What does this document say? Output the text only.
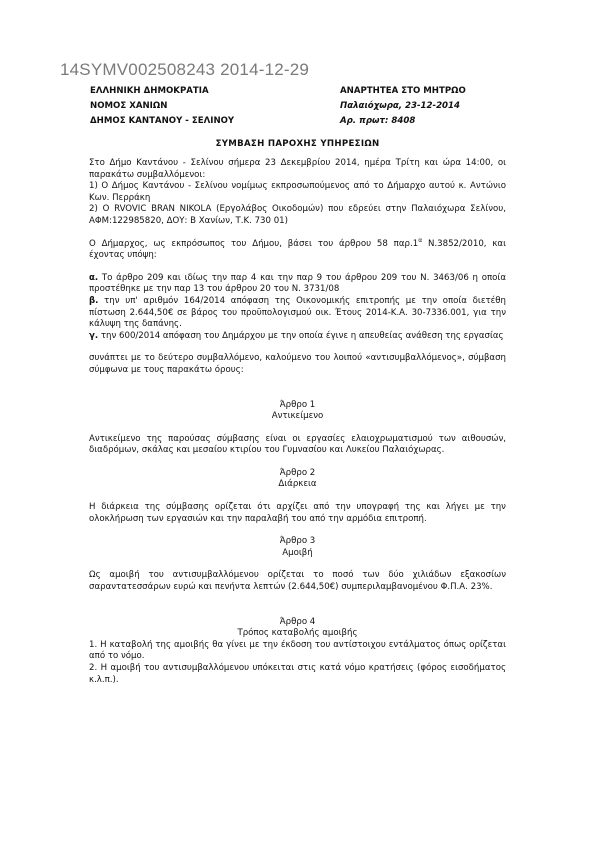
14SYMV002508243 2014-12-29
ΕΛΛΗΝΙΚΗ ΔΗΜΟΚΡΑΤΙΑ
ΝΟΜΟΣ ΧΑΝΙΩΝ
ΔΗΜΟΣ ΚΑΝΤΑΝΟΥ - ΣΕΛΙΝΟΥ
ΑΝΑΡΤΗΤΕΑ ΣΤΟ ΜΗΤΡΩΟ
Παλαιόχωρα, 23-12-2014
Αρ. πρωτ: 8408
ΣΥΜΒΑΣΗ ΠΑΡΟΧΗΣ ΥΠΗΡΕΣΙΩΝ

Στο Δήμο Καντάνου - Σελίνου σήμερα 23 Δεκεμβρίου 2014, ημέρα Τρίτη και ώρα 14:00, οι παρακάτω συμβαλλόμενοι:

1) Ο Δήμος Καντάνου - Σελίνου νομίμως εκπροσωπούμενος από το Δήμαρχο αυτού κ. Αντώνιο Κων. Περράκη

2) Ο RVOVIC BRAN NIKOLA (Εργολάβος Οικοδομών) που εδρεύει στην Παλαιόχωρα Σελίνου, ΑΦΜ:122985820, ΔΟΥ: Β Χανίων, Τ.Κ. 730 01)

Ο Δήμαρχος, ως εκπρόσωπος του Δήμου, βάσει του άρθρου 58 $\pi\alpha\rho.1^\alpha$ Ν.3852/2010, και έχοντας υπόψη:

α. Το άρθρο 209 και ιδίως την παρ 4 και την παρ 9 του άρθρου 209 του Ν. 3463/06 η οποία προστέθηκε με την παρ 13 του άρθρου 20 του Ν. 3731/08

β. την υπ' αριθμόν 164/2014 απόφαση της Οικονομικής επιτροπής με την οποία διετέθη πίστωση 2.644,50€ σε βάρος του προϋπολογισμού οικ. Έτους 2014-Κ.Α. 30-7336.001, για την κάλυψη της δαπάνης.

γ. την 600/2014 απόφαση του Δημάρχου με την οποία έγινε η απευθείας ανάθεση της εργασίας

συνάπτει με το δεύτερο συμβαλλόμενο, καλούμενο του λοιπού «αντισυμβαλλόμενος», σύμβαση σύμφωνα με τους παρακάτω όρους:

Άρθρο 1

Αντικείμενο

Αντικείμενο της παρούσας σύμβασης είναι οι εργασίες ελαιοχρωματισμού των αιθουσών, διαδρόμων, σκάλας και μεσαίου κτιρίου του Γυμνασίου και Λυκείου Παλαιόχωρας.

Άρθρο 2

Διάρκεια

Η διάρκεια της σύμβασης ορίζεται ότι αρχίζει από την υπογραφή της και λήγει με την ολοκλήρωση των εργασιών και την παραλαβή του από την αρμόδια επιτροπή.

Άρθρο 3

Αμοιβή

Ως αμοιβή του αντισυμβαλλόμενου ορίζεται το ποσό των δύο χιλιάδων εξακοσίων σαραντατεσσάρων ευρώ και πενήντα λεπτών (2.644,50€) συμπεριλαμβανομένου Φ.Π.Α. 23%.

Άρθρο 4

Τρόπος καταβολής αμοιβής

1. Η καταβολή της αμοιβής θα γίνει με την έκδοση του αντίστοιχου εντάλματος όπως ορίζεται από το νόμο.

2. Η αμοιβή του αντισυμβαλλόμενου υπόκειται στις κατά νόμο κρατήσεις (φόρος εισοδήματος κ.λ.π.).
